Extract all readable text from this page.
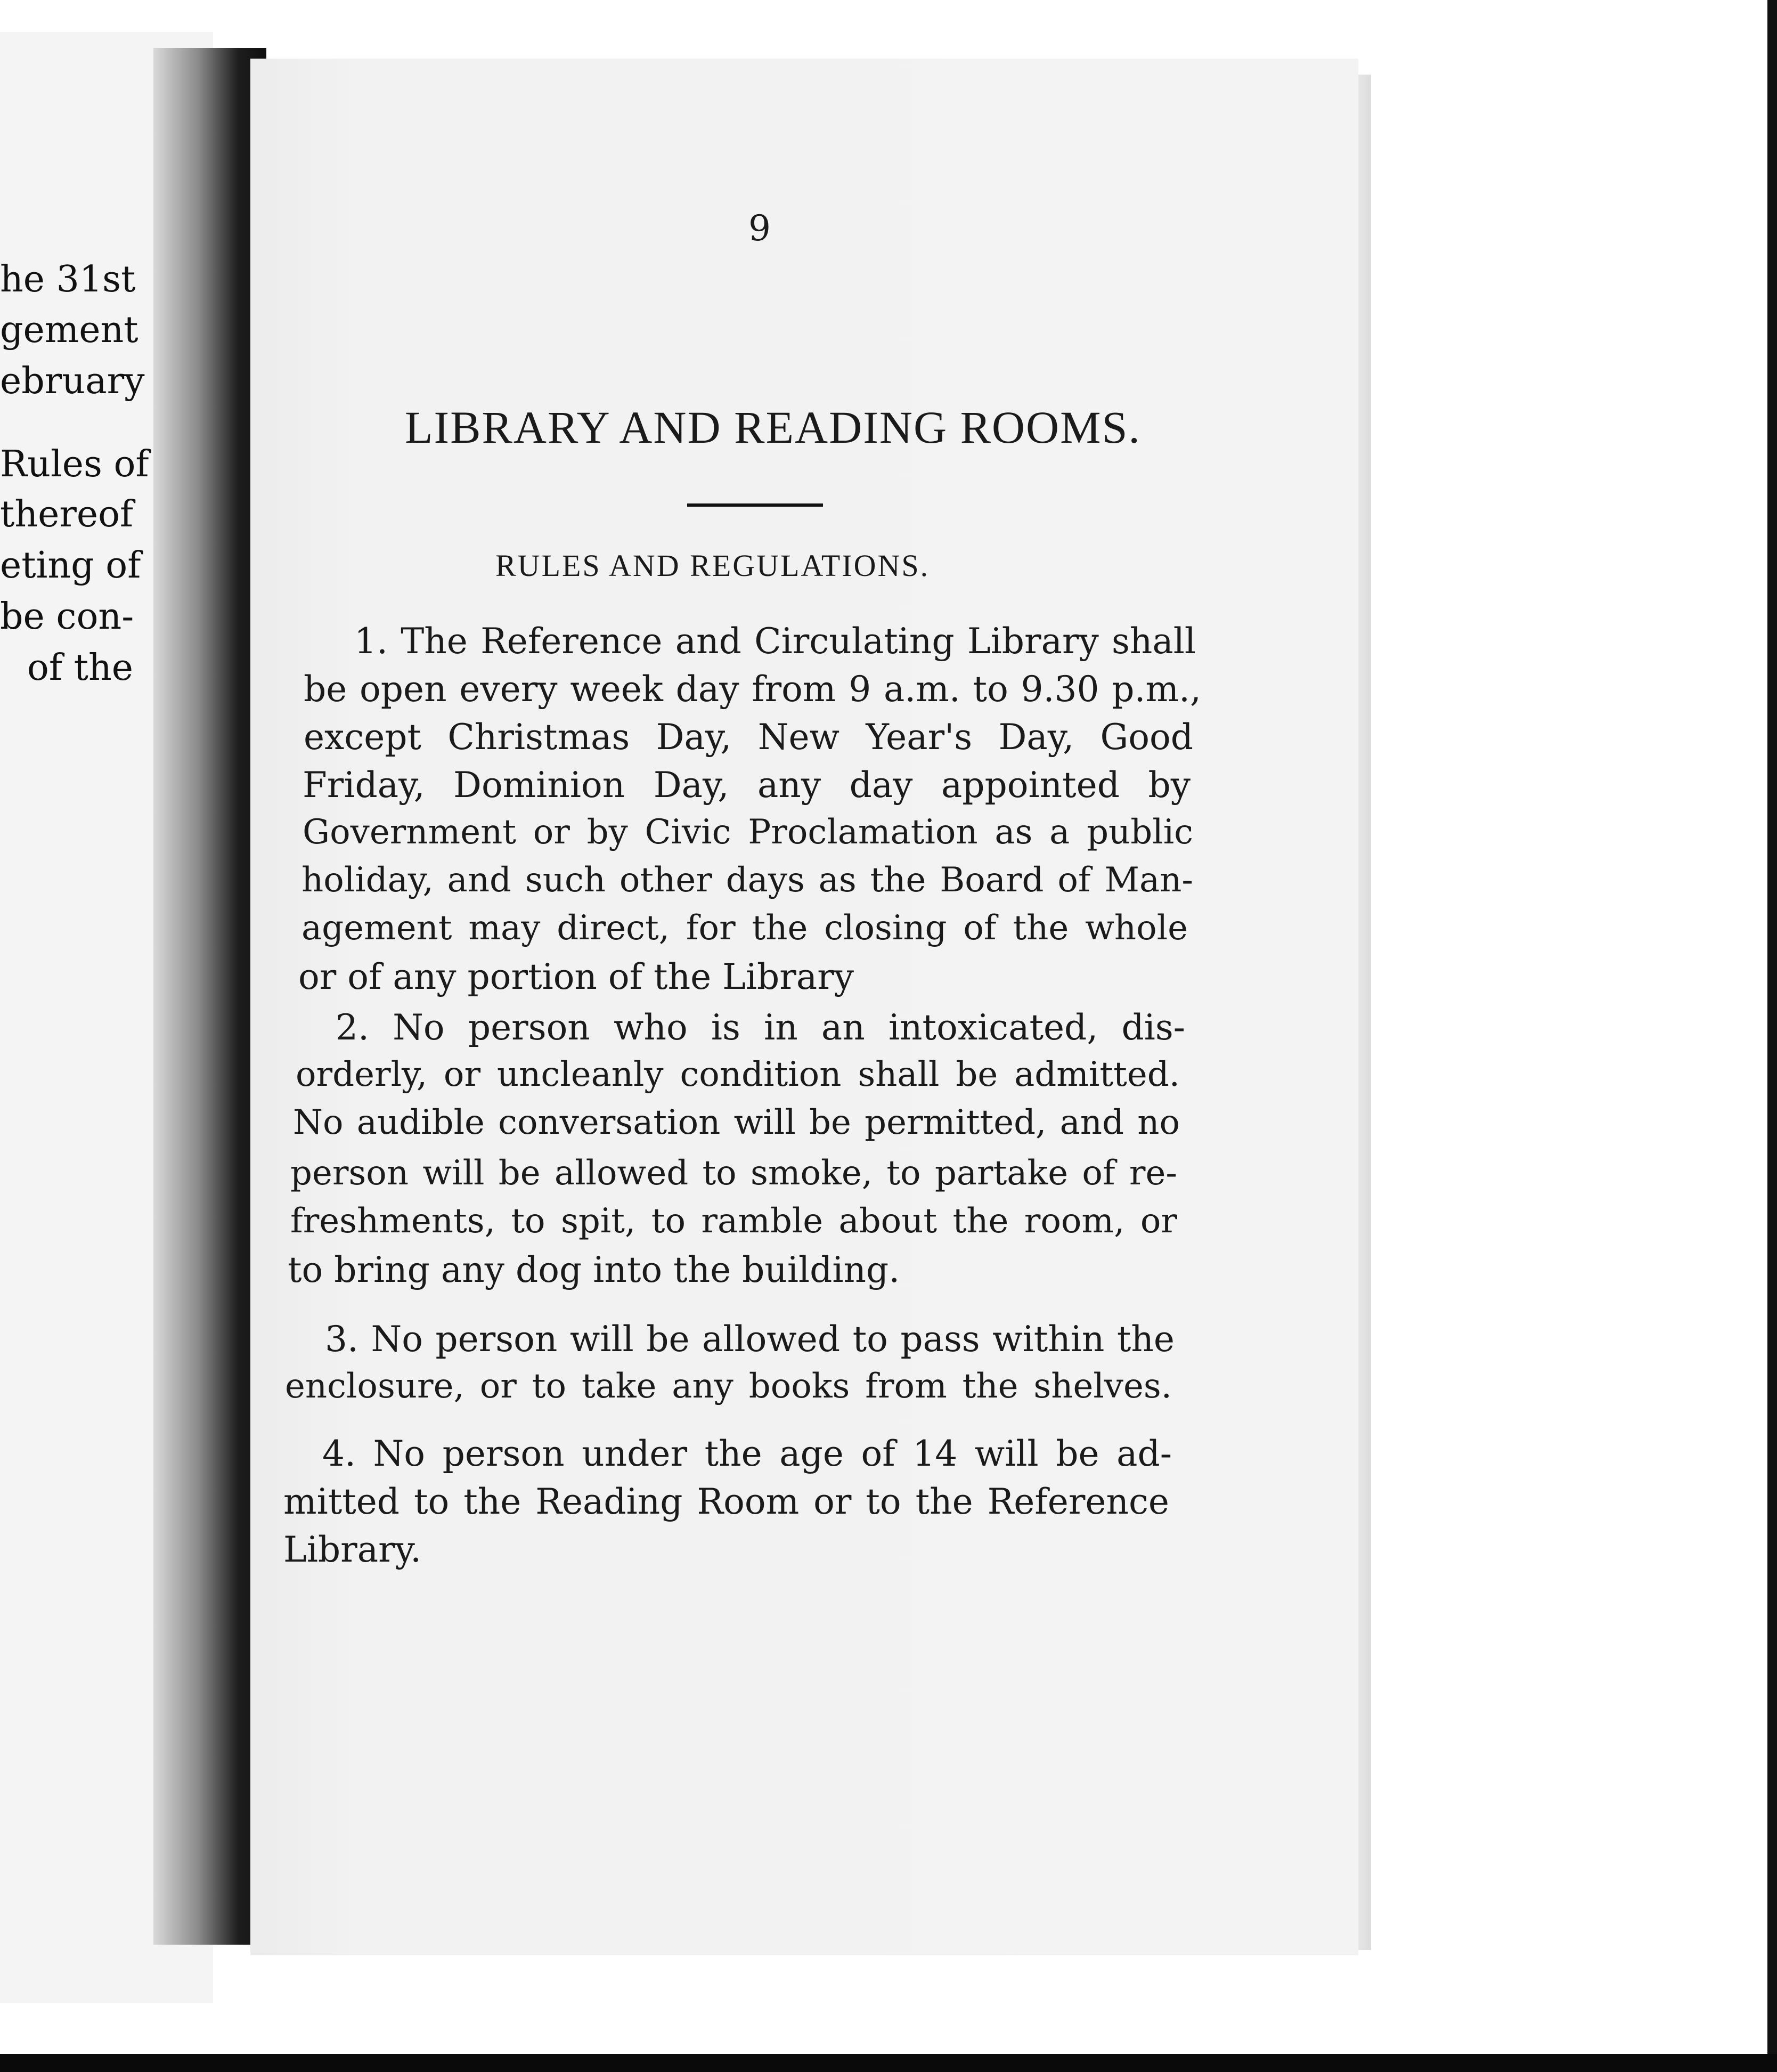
he 31st
gement
ebruary
Rules of
thereof
eting of
be con-
of the
9
LIBRARY AND READING ROOMS.
RULES AND REGULATIONS.
1. The Reference and Circulating Library shall
be open every week day from 9 a.m. to 9.30 p.m.,
except Christmas Day, New Year's Day, Good
Friday, Dominion Day, any day appointed by
Government or by Civic Proclamation as a public
holiday, and such other days as the Board of Man-
agement may direct, for the closing of the whole
or of any portion of the Library
2. No person who is in an intoxicated, dis-
orderly, or uncleanly condition shall be admitted.
No audible conversation will be permitted, and no
person will be allowed to smoke, to partake of re-
freshments, to spit, to ramble about the room, or
to bring any dog into the building.
3. No person will be allowed to pass within the
enclosure, or to take any books from the shelves.
4. No person under the age of 14 will be ad-
mitted to the Reading Room or to the Reference
Library.
